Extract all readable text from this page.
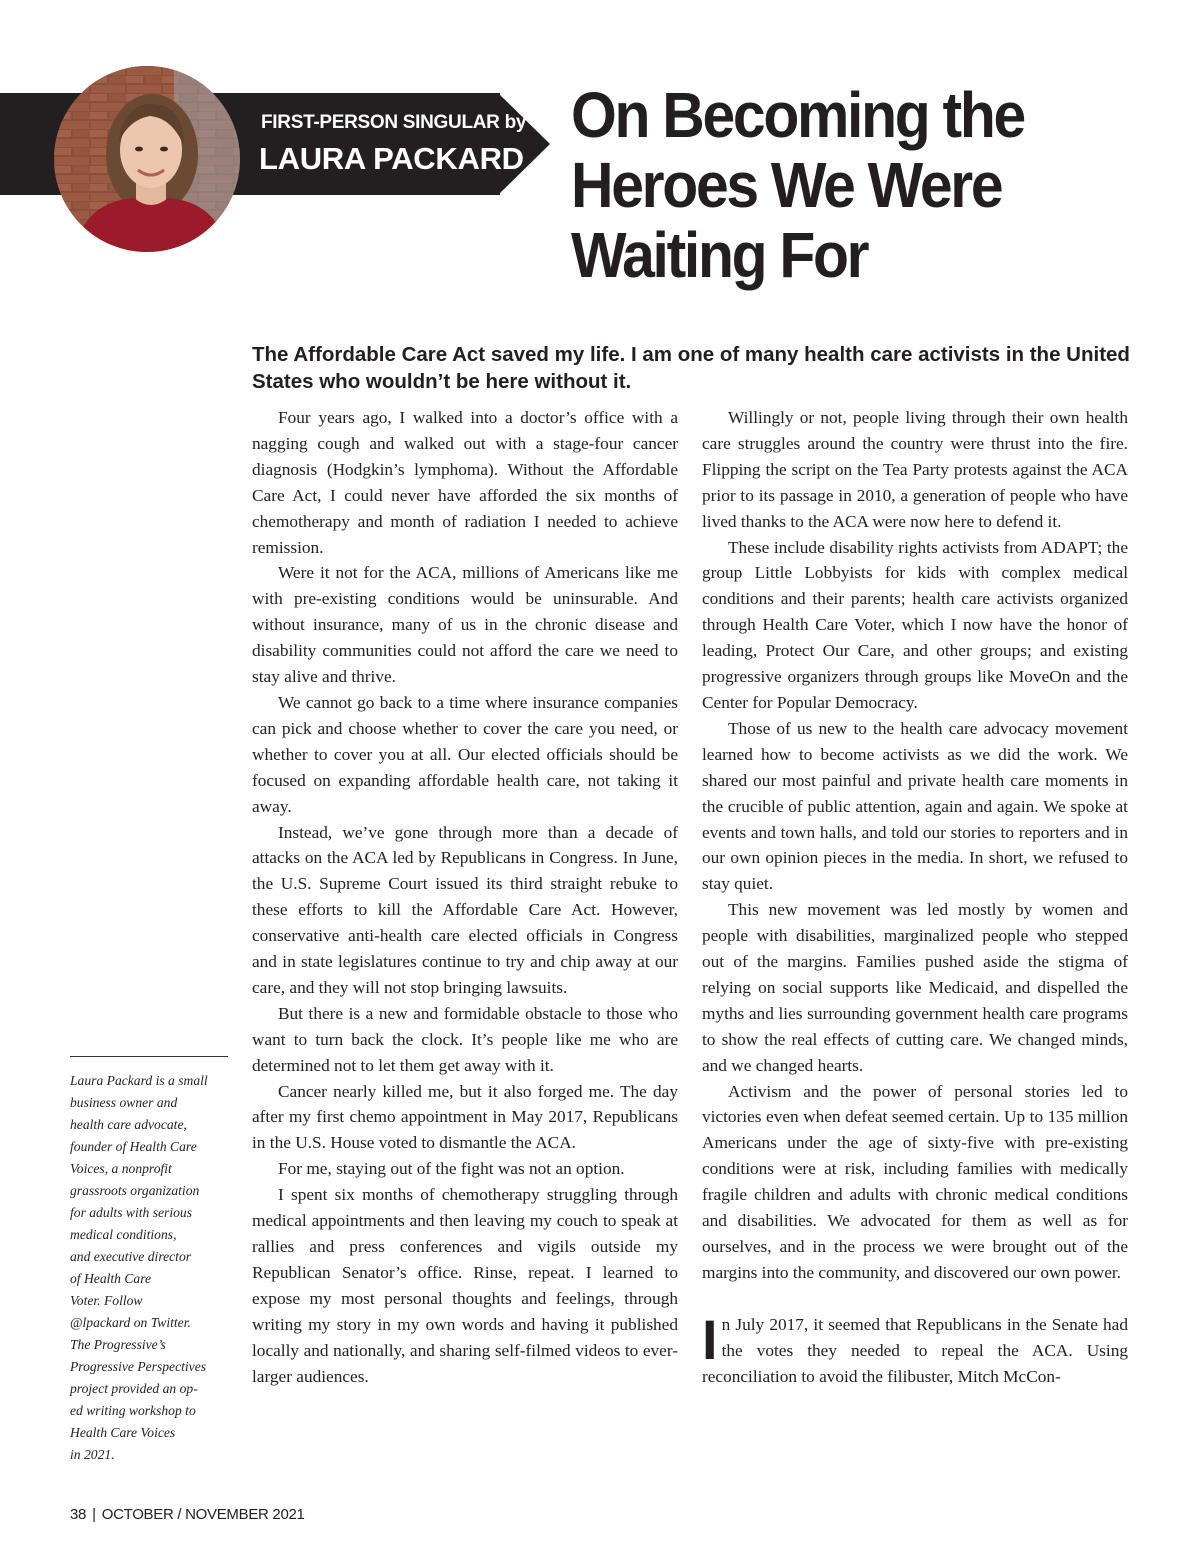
FIRST-PERSON SINGULAR by
LAURA PACKARD
On Becoming the
Heroes We Were
Waiting For
The Affordable Care Act saved my life. I am one of many health care activists in the United States who wouldn’t be here without it.

Four years ago, I walked into a doctor’s office with a nagging cough and walked out with a stage-four cancer diagnosis (Hodgkin’s lymphoma). Without the Affordable Care Act, I could never have afforded the six months of chemotherapy and month of radiation I needed to achieve remission.

Were it not for the ACA, millions of Americans like me with pre-existing conditions would be uninsurable. And without insurance, many of us in the chronic disease and disability communities could not afford the care we need to stay alive and thrive.

We cannot go back to a time where insurance companies can pick and choose whether to cover the care you need, or whether to cover you at all. Our elected officials should be focused on expanding affordable health care, not taking it away.

Instead, we’ve gone through more than a decade of attacks on the ACA led by Republicans in Congress. In June, the U.S. Supreme Court issued its third straight rebuke to these efforts to kill the Affordable Care Act. However, conservative anti-health care elected officials in Congress and in state legislatures continue to try and chip away at our care, and they will not stop bringing lawsuits.

But there is a new and formidable obstacle to those who want to turn back the clock. It’s people like me who are determined not to let them get away with it.

Cancer nearly killed me, but it also forged me. The day after my first chemo appointment in May 2017, Republicans in the U.S. House voted to dismantle the ACA.

For me, staying out of the fight was not an option.

I spent six months of chemotherapy struggling through medical appointments and then leaving my couch to speak at rallies and press conferences and vigils outside my Republican Senator’s office. Rinse, repeat. I learned to expose my most personal thoughts and feelings, through writing my story in my own words and having it published locally and nationally, and sharing self-filmed videos to ever-larger audiences.

Willingly or not, people living through their own health care struggles around the country were thrust into the fire. Flipping the script on the Tea Party protests against the ACA prior to its passage in 2010, a generation of people who have lived thanks to the ACA were now here to defend it.

These include disability rights activists from ADAPT; the group Little Lobbyists for kids with complex medical conditions and their parents; health care activists organized through Health Care Voter, which I now have the honor of leading, Protect Our Care, and other groups; and existing progressive organizers through groups like MoveOn and the Center for Popular Democracy.

Those of us new to the health care advocacy movement learned how to become activists as we did the work. We shared our most painful and private health care moments in the crucible of public attention, again and again. We spoke at events and town halls, and told our stories to reporters and in our own opinion pieces in the media. In short, we refused to stay quiet.

This new movement was led mostly by women and people with disabilities, marginalized people who stepped out of the margins. Families pushed aside the stigma of relying on social supports like Medicaid, and dispelled the myths and lies surrounding government health care programs to show the real effects of cutting care. We changed minds, and we changed hearts.

Activism and the power of personal stories led to victories even when defeat seemed certain. Up to 135 million Americans under the age of sixty-five with pre-existing conditions were at risk, including families with medically fragile children and adults with chronic medical conditions and disabilities. We advocated for them as well as for ourselves, and in the process we were brought out of the margins into the community, and discovered our own power.

In July 2017, it seemed that Republicans in the Senate had the votes they needed to repeal the ACA. Using reconciliation to avoid the filibuster, Mitch McCon-

Laura Packard is a small
business owner and
health care advocate,
founder of Health Care
Voices, a nonprofit
grassroots organization
for adults with serious
medical conditions,
and executive director
of Health Care
Voter. Follow
@lpackard on Twitter.
The Progressive’s
Progressive Perspectives
project provided an op-
ed writing workshop to
Health Care Voices
in 2021.
38 | OCTOBER / NOVEMBER 2021
